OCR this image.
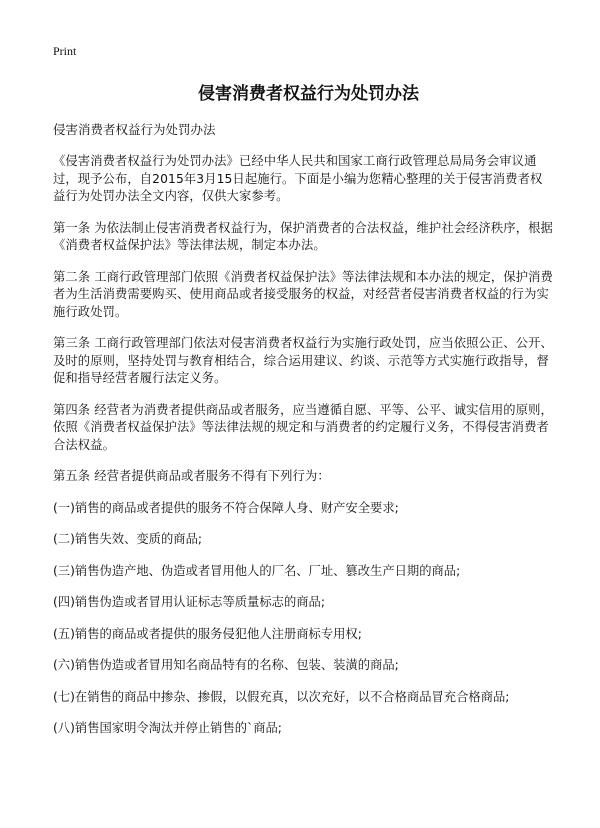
Print
侵害消费者权益行为处罚办法
侵害消费者权益行为处罚办法

《侵害消费者权益行为处罚办法》已经中华人民共和国家工商行政管理总局局务会审议通过，现予公布，自2015年3月15日起施行。下面是小编为您精心整理的关于侵害消费者权益行为处罚办法全文内容，仅供大家参考。

第一条 为依法制止侵害消费者权益行为，保护消费者的合法权益，维护社会经济秩序，根据《消费者权益保护法》等法律法规，制定本办法。

第二条 工商行政管理部门依照《消费者权益保护法》等法律法规和本办法的规定，保护消费者为生活消费需要购买、使用商品或者接受服务的权益，对经营者侵害消费者权益的行为实施行政处罚。

第三条 工商行政管理部门依法对侵害消费者权益行为实施行政处罚，应当依照公正、公开、及时的原则，坚持处罚与教育相结合，综合运用建议、约谈、示范等方式实施行政指导，督促和指导经营者履行法定义务。

第四条 经营者为消费者提供商品或者服务，应当遵循自愿、平等、公平、诚实信用的原则，依照《消费者权益保护法》等法律法规的规定和与消费者的约定履行义务，不得侵害消费者合法权益。

第五条 经营者提供商品或者服务不得有下列行为：

(一)销售的商品或者提供的服务不符合保障人身、财产安全要求;

(二)销售失效、变质的商品;

(三)销售伪造产地、伪造或者冒用他人的厂名、厂址、篡改生产日期的商品;

(四)销售伪造或者冒用认证标志等质量标志的商品;

(五)销售的商品或者提供的服务侵犯他人注册商标专用权;

(六)销售伪造或者冒用知名商品特有的名称、包装、装潢的商品;

(七)在销售的商品中掺杂、掺假，以假充真，以次充好，以不合格商品冒充合格商品;

(八)销售国家明令淘汰并停止销售的`商品;
